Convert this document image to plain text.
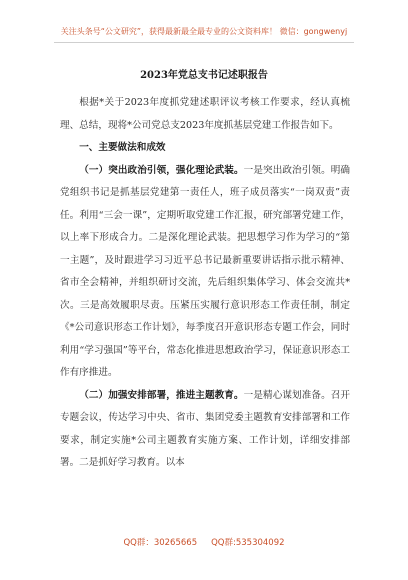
关注头条号“公文研究”，获得最新最全最专业的公文资料库！ 微信：gongwenyj
2023年党总支书记述职报告

根据*关于2023年度抓党建述职评议考核工作要求，经认真梳理、总结，现将*公司党总支2023年度抓基层党建工作报告如下。

一、主要做法和成效

（一）突出政治引领，强化理论武装。一是突出政治引领。明确党组织书记是抓基层党建第一责任人，班子成员落实“一岗双责”责任。利用“三会一课”，定期听取党建工作汇报，研究部署党建工作，以上率下形成合力。二是深化理论武装。把思想学习作为学习的“第一主题”，及时跟进学习习近平总书记最新重要讲话指示批示精神、省市全会精神，并组织研讨交流，先后组织集体学习、体会交流共*次。三是高效履职尽责。压紧压实履行意识形态工作责任制，制定《*公司意识形态工作计划》，每季度召开意识形态专题工作会，同时利用“学习强国”等平台，常态化推进思想政治学习，保证意识形态工作有序推进。

（二）加强安排部署，推进主题教育。一是精心谋划准备。召开专题会议，传达学习中央、省市、集团党委主题教育安排部署和工作要求，制定实施*公司主题教育实施方案、工作计划，详细安排部署。二是抓好学习教育。以本

QQ群：30265665 QQ群:535304092
